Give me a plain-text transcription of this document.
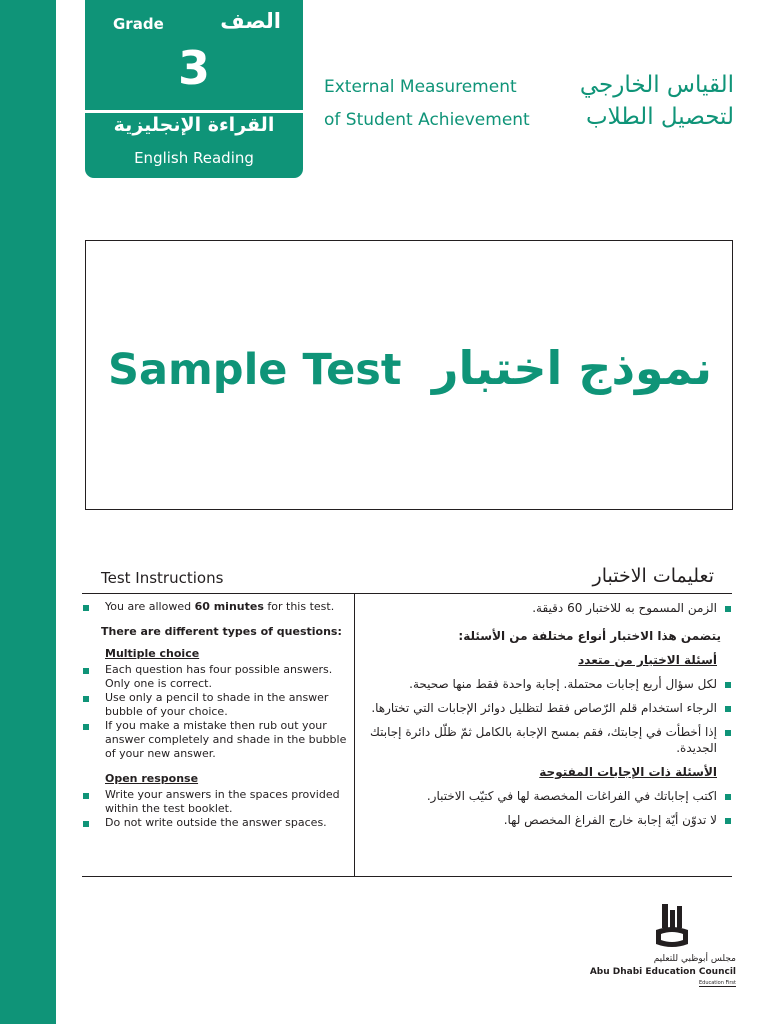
Grade	الصف
3
القراءة الإنجليزية
English Reading
External Measurement
of Student Achievement
القياس الخارجي
لتحصيل الطلاب
Sample Test نموذج اختبار
Test Instructions	تعليمات الاختبار
You are allowed 60 minutes for this test.
There are different types of questions:
Multiple choice
Each question has four possible answers. Only one is correct.
Use only a pencil to shade in the answer bubble of your choice.
If you make a mistake then rub out your answer completely and shade in the bubble of your new answer.
Open response
Write your answers in the spaces provided within the test booklet.
Do not write outside the answer spaces.
الزمن المسموح به للاختبار 60 دقيقة.
يتضمن هذا الاختبار أنواع مختلفة من الأسئلة:
أسئلة الاختيار من متعدد
لكل سؤال أربع إجابات محتملة. إجابة واحدة فقط منها صحيحة.
الرجاء استخدام قلم الرّصاص فقط لتظليل دوائر الإجابات التي تختارها.
إذا أخطأت في إجابتك، فقم بمسح الإجابة بالكامل ثمّ ظلّل دائرة إجابتك الجديدة.
الأسئلة ذات الإجابات المفتوحة
اكتب إجاباتك في الفراغات المخصصة لها في كتيّب الاختبار.
لا تدوّن أيّة إجابة خارج الفراغ المخصص لها.
مجلس أبوظبي للتعليم
Abu Dhabi Education Council
Education First
